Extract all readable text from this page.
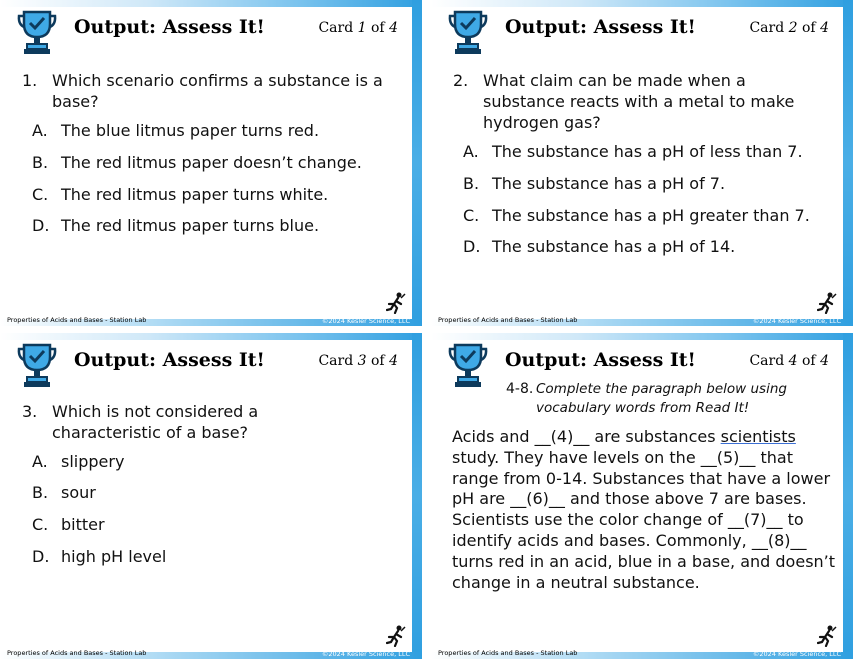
Output: Assess It!	Card 1 of 4
1. Which scenario confirms a substance is a base?
A. The blue litmus paper turns red.
B. The red litmus paper doesn’t change.
C. The red litmus paper turns white.
D. The red litmus paper turns blue.
Properties of Acids and Bases - Station Lab	©2024 Kesler Science, LLC
Output: Assess It!	Card 2 of 4
2. What claim can be made when a substance reacts with a metal to make hydrogen gas?
A. The substance has a pH of less than 7.
B. The substance has a pH of 7.
C. The substance has a pH greater than 7.
D. The substance has a pH of 14.
Properties of Acids and Bases - Station Lab	©2024 Kesler Science, LLC
Output: Assess It!	Card 3 of 4
3. Which is not considered a characteristic of a base?
A. slippery
B. sour
C. bitter
D. high pH level
Properties of Acids and Bases - Station Lab	©2024 Kesler Science, LLC
Output: Assess It!	Card 4 of 4
4-8. Complete the paragraph below using vocabulary words from Read It!
Acids and __(4)__ are substances scientists study. They have levels on the __(5)__ that range from 0-14. Substances that have a lower pH are __(6)__ and those above 7 are bases. Scientists use the color change of __(7)__ to identify acids and bases. Commonly, __(8)__ turns red in an acid, blue in a base, and doesn’t change in a neutral substance.
Properties of Acids and Bases - Station Lab	©2024 Kesler Science, LLC
